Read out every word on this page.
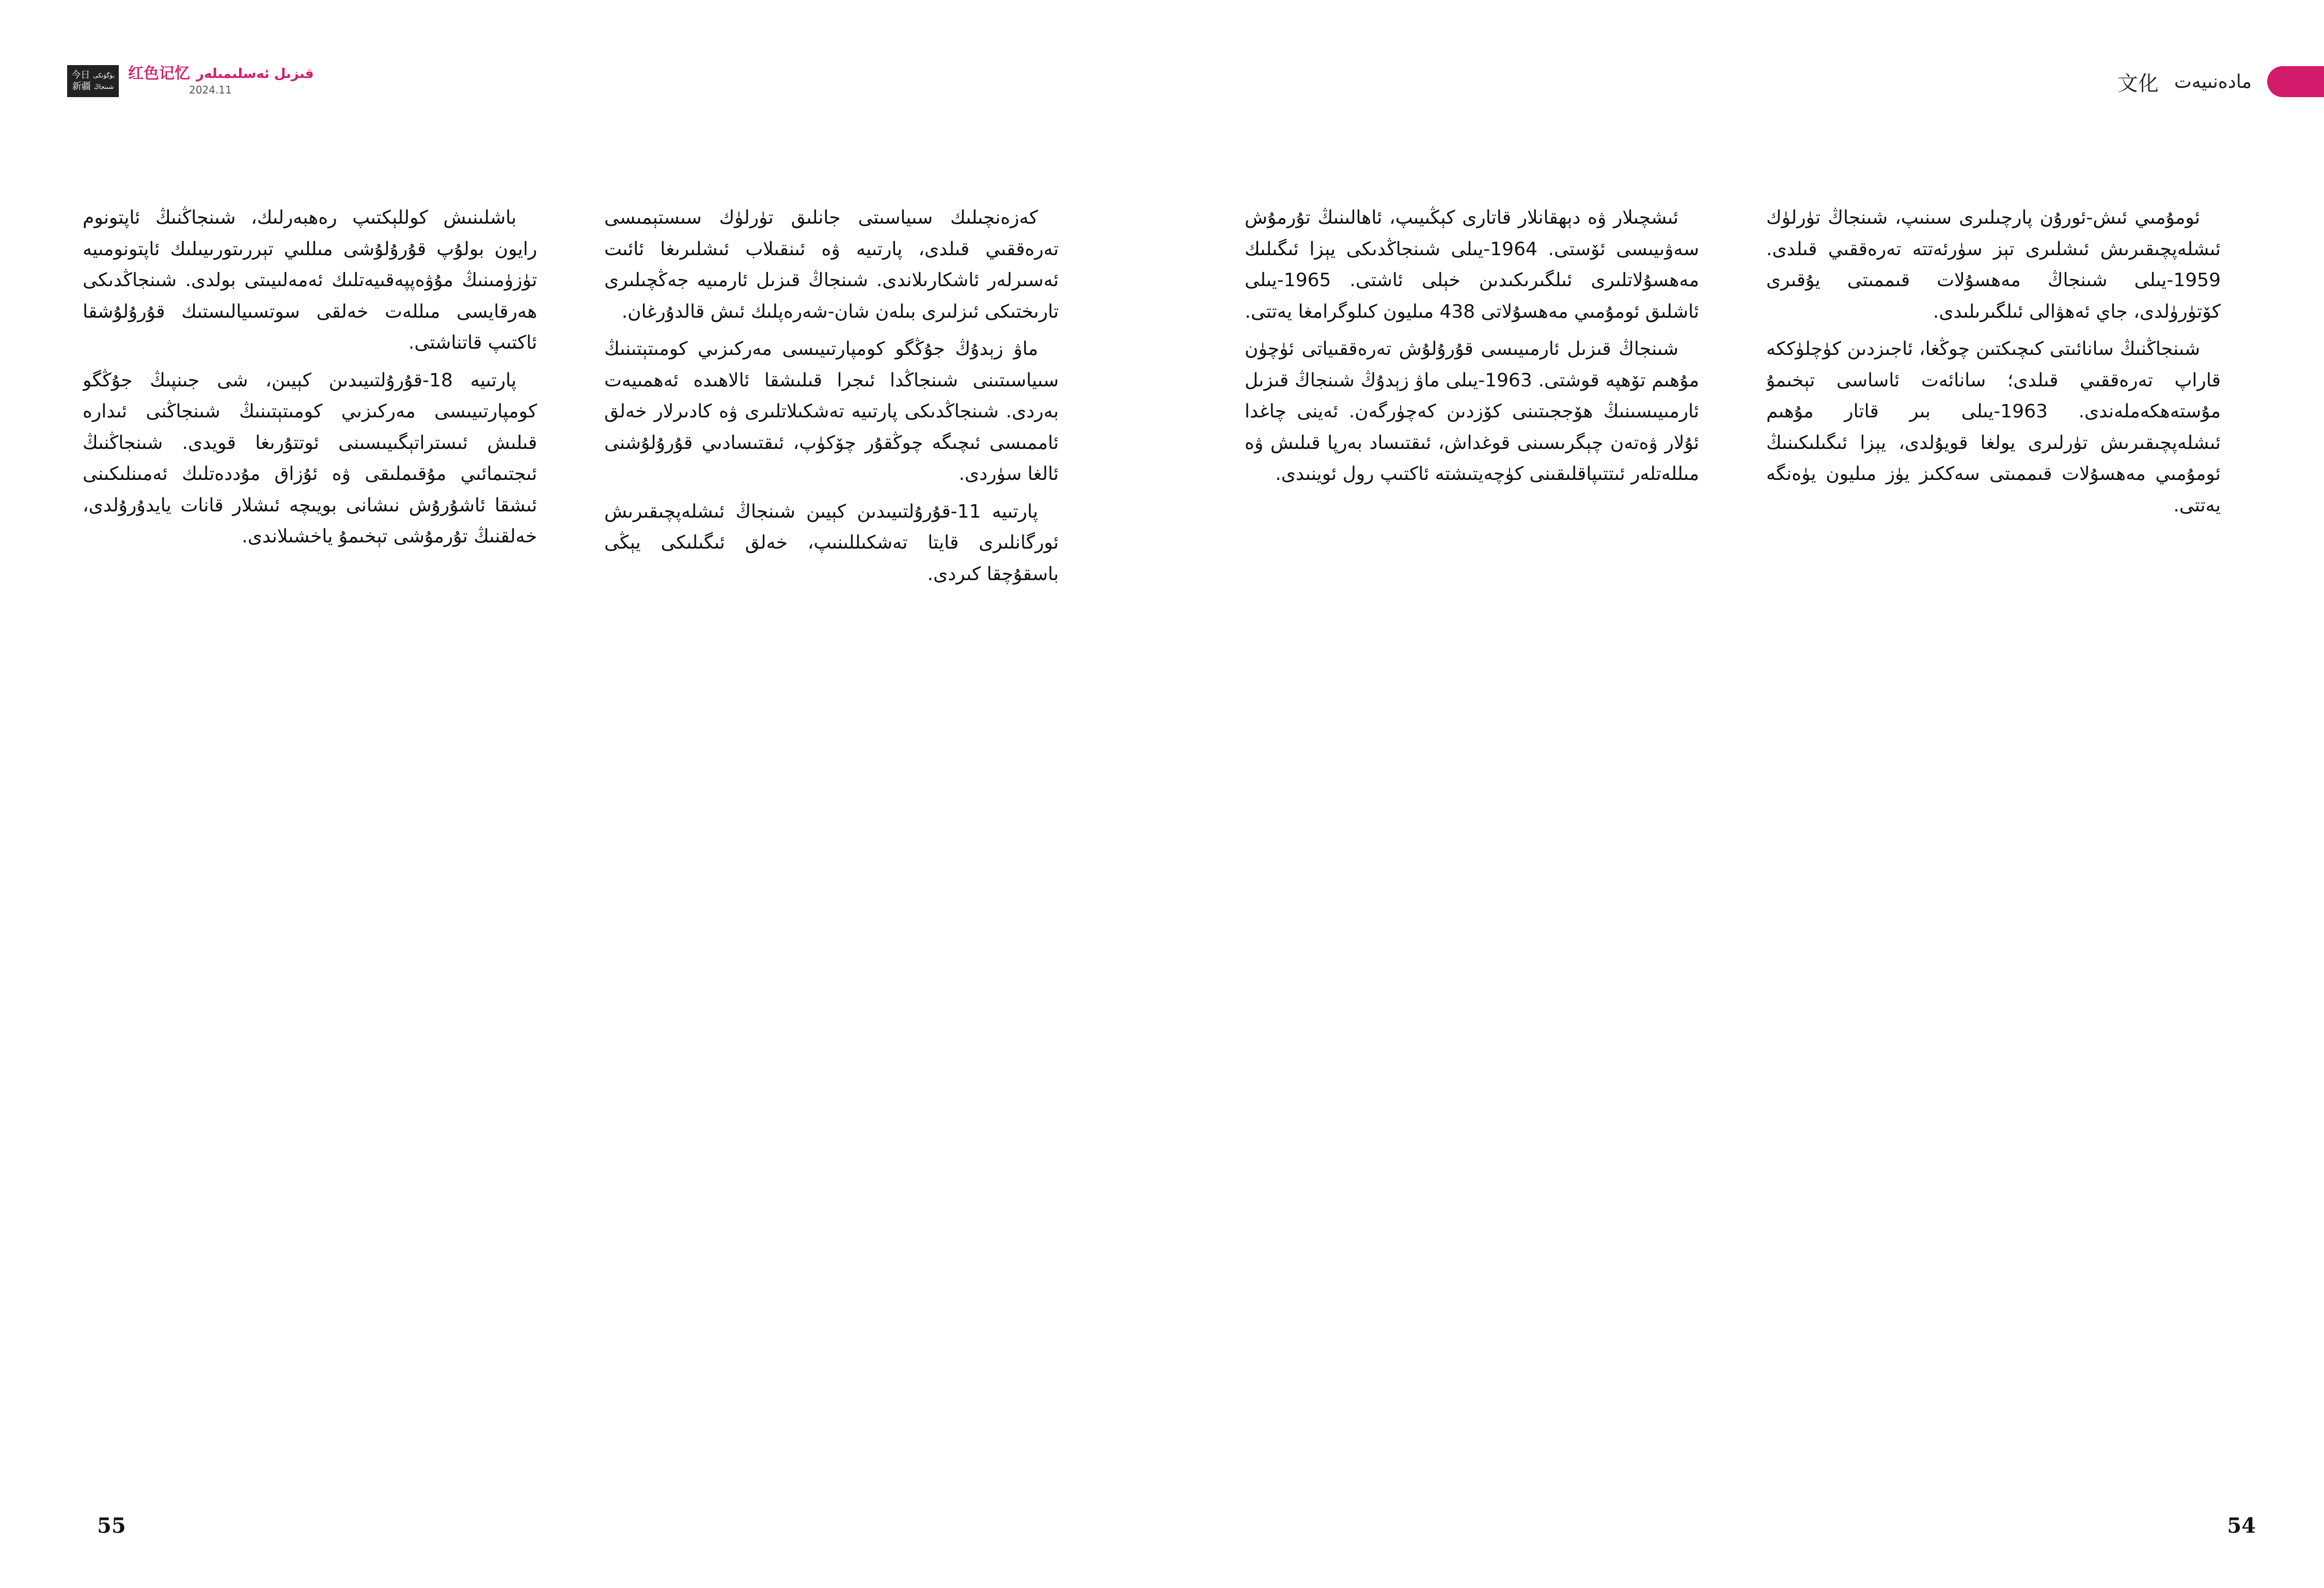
今日 بۈگۈنكى
新疆 شىنجاڭ
红色记忆 قىزىل ئەسلىمىلەر
2024.11	文化 مادەنىيەت

ئومۇمىي ئىش-ئورۇن پارچىلىرى سىنىپ، شىنجاڭ تۈرلۈك ئىشلەپچىقىرىش ئىشلىرى تېز سۈرئەتتە تەرەققىي قىلدى. 1959-يىلى شىنجاڭ مەھسۇلات قىممىتى يۇقىرى كۆتۈرۈلدى، جاي ئەھۋالى ئىلگىرىلىدى.

شىنجاڭنىڭ سانائىتى كىچىكتىن چوڭغا، ئاجىزدىن كۈچلۈككە قاراپ تەرەققىي قىلدى؛ سانائەت ئاساسى تېخىمۇ مۇستەھكەملەندى. 1963-يىلى بىر قاتار مۇھىم ئىشلەپچىقىرىش تۈرلىرى يولغا قويۇلدى، يېزا ئىگىلىكىنىڭ ئومۇمىي مەھسۇلات قىممىتى سەككىز يۈز مىليون يۈەنگە يەتتى.

ئىشچىلار ۋە دېھقانلار قاتارى كېڭىيىپ، ئاھالىنىڭ تۇرمۇش سەۋىيىسى ئۆستى. 1964-يىلى شىنجاڭدىكى يېزا ئىگىلىك مەھسۇلاتلىرى ئىلگىرىكىدىن خېلى ئاشتى. 1965-يىلى ئاشلىق ئومۇمىي مەھسۇلاتى 438 مىليون كىلوگرامغا يەتتى.

شىنجاڭ قىزىل ئارمىيىسى قۇرۇلۇش تەرەققىياتى ئۈچۈن مۇھىم تۆھپە قوشتى. 1963-يىلى ماۋ زېدۇڭ شىنجاڭ قىزىل ئارمىيىسىنىڭ ھۆججىتىنى كۆزدىن كەچۈرگەن. ئەينى چاغدا ئۇلار ۋەتەن چېگرىسىنى قوغداش، ئىقتىساد بەرپا قىلىش ۋە مىللەتلەر ئىتتىپاقلىقىنى كۈچەيتىشتە ئاكتىپ رول ئوينىدى.

كەزەنچىلىك سىياسىتى جانلىق تۈرلۈك سىستېمىسى تەرەققىي قىلدى، پارتىيە ۋە ئىنقىلاب ئىشلىرىغا ئائىت ئەسىرلەر ئاشكارىلاندى. شىنجاڭ قىزىل ئارمىيە جەڭچىلىرى تارىختىكى ئىزلىرى بىلەن شان-شەرەپلىك ئىش قالدۇرغان.

ماۋ زېدۇڭ جۇڭگو كومپارتىيىسى مەركىزىي كومىتېتىنىڭ سىياسىتىنى شىنجاڭدا ئىجرا قىلىشقا ئالاھىدە ئەھمىيەت بەردى. شىنجاڭدىكى پارتىيە تەشكىلاتلىرى ۋە كادىرلار خەلق ئاممىسى ئىچىگە چوڭقۇر چۆكۈپ، ئىقتىسادىي قۇرۇلۇشنى ئالغا سۈردى.

پارتىيە 11-قۇرۇلتىيىدىن كېيىن شىنجاڭ ئىشلەپچىقىرىش ئورگانلىرى قايتا تەشكىللىنىپ، خەلق ئىگىلىكى يېڭى باسقۇچقا كىردى.

باشلىنىش كوللېكتىپ رەھبەرلىك، شىنجاڭنىڭ ئاپتونوم رايون بولۇپ قۇرۇلۇشى مىللىي تېررىتورىيىلىك ئاپتونومىيە تۈزۈمىنىڭ مۇۋەپپەقىيەتلىك ئەمەلىيىتى بولدى. شىنجاڭدىكى ھەرقايسى مىللەت خەلقى سوتسىيالىستىك قۇرۇلۇشقا ئاكتىپ قاتناشتى.

پارتىيە 18-قۇرۇلتىيىدىن كېيىن، شى جىنپىڭ جۇڭگو كومپارتىيىسى مەركىزىي كومىتېتىنىڭ شىنجاڭنى ئىدارە قىلىش ئىستراتېگىيىسىنى ئوتتۇرىغا قويدى. شىنجاڭنىڭ ئىجتىمائىي مۇقىملىقى ۋە ئۇزاق مۇددەتلىك ئەمىنلىكىنى ئىشقا ئاشۇرۇش نىشانى بويىچە ئىشلار قانات يايدۇرۇلدى، خەلقنىڭ تۇرمۇشى تېخىمۇ ياخشىلاندى.

55	54
